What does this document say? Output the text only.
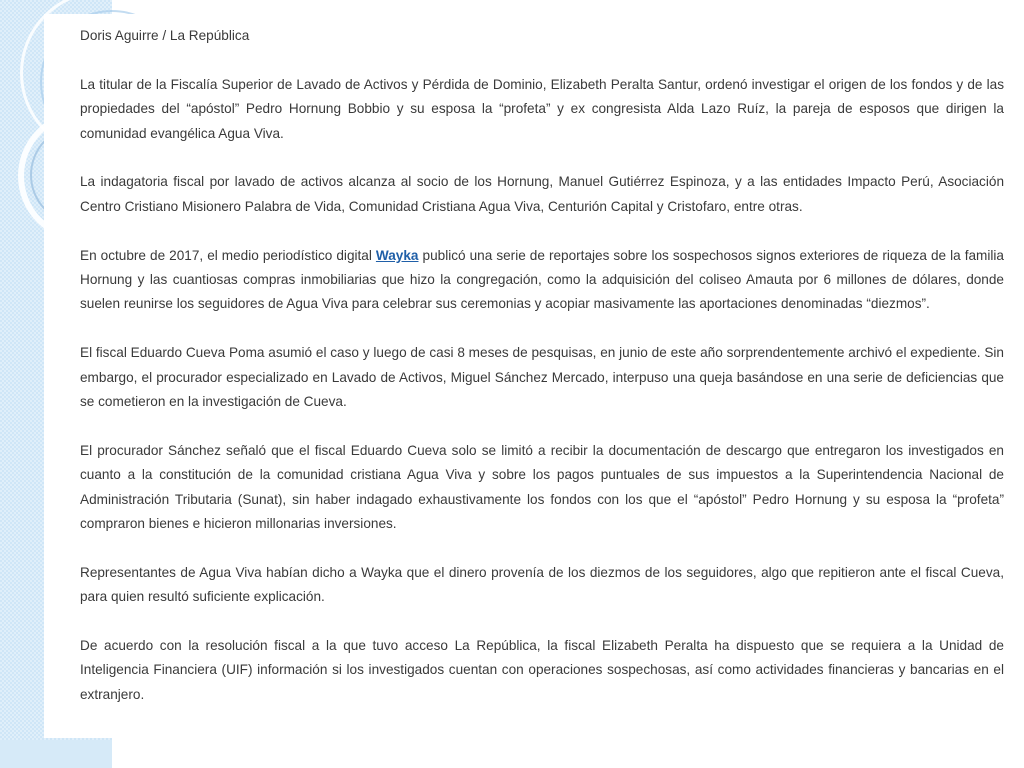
Doris Aguirre / La República

La titular de la Fiscalía Superior de Lavado de Activos y Pérdida de Dominio, Elizabeth Peralta Santur, ordenó investigar el origen de los fondos y de las propiedades del “apóstol” Pedro Hornung Bobbio y su esposa la “profeta” y ex congresista Alda Lazo Ruíz, la pareja de esposos que dirigen la comunidad evangélica Agua Viva.

La indagatoria fiscal por lavado de activos alcanza al socio de los Hornung, Manuel Gutiérrez Espinoza, y a las entidades Impacto Perú, Asociación Centro Cristiano Misionero Palabra de Vida, Comunidad Cristiana Agua Viva, Centurión Capital y Cristofaro, entre otras.

En octubre de 2017, el medio periodístico digital Wayka publicó una serie de reportajes sobre los sospechosos signos exteriores de riqueza de la familia Hornung y las cuantiosas compras inmobiliarias que hizo la congregación, como la adquisición del coliseo Amauta por 6 millones de dólares, donde suelen reunirse los seguidores de Agua Viva para celebrar sus ceremonias y acopiar masivamente las aportaciones denominadas “diezmos”.

El fiscal Eduardo Cueva Poma asumió el caso y luego de casi 8 meses de pesquisas, en junio de este año sorprendentemente archivó el expediente. Sin embargo, el procurador especializado en Lavado de Activos, Miguel Sánchez Mercado, interpuso una queja basándose en una serie de deficiencias que se cometieron en la investigación de Cueva.

El procurador Sánchez señaló que el fiscal Eduardo Cueva solo se limitó a recibir la documentación de descargo que entregaron los investigados en cuanto a la constitución de la comunidad cristiana Agua Viva y sobre los pagos puntuales de sus impuestos a la Superintendencia Nacional de Administración Tributaria (Sunat), sin haber indagado exhaustivamente los fondos con los que el “apóstol” Pedro Hornung y su esposa la “profeta” compraron bienes e hicieron millonarias inversiones.

Representantes de Agua Viva habían dicho a Wayka que el dinero provenía de los diezmos de los seguidores, algo que repitieron ante el fiscal Cueva, para quien resultó suficiente explicación.

De acuerdo con la resolución fiscal a la que tuvo acceso La República, la fiscal Elizabeth Peralta ha dispuesto que se requiera a la Unidad de Inteligencia Financiera (UIF) información si los investigados cuentan con operaciones sospechosas, así como actividades financieras y bancarias en el extranjero.
